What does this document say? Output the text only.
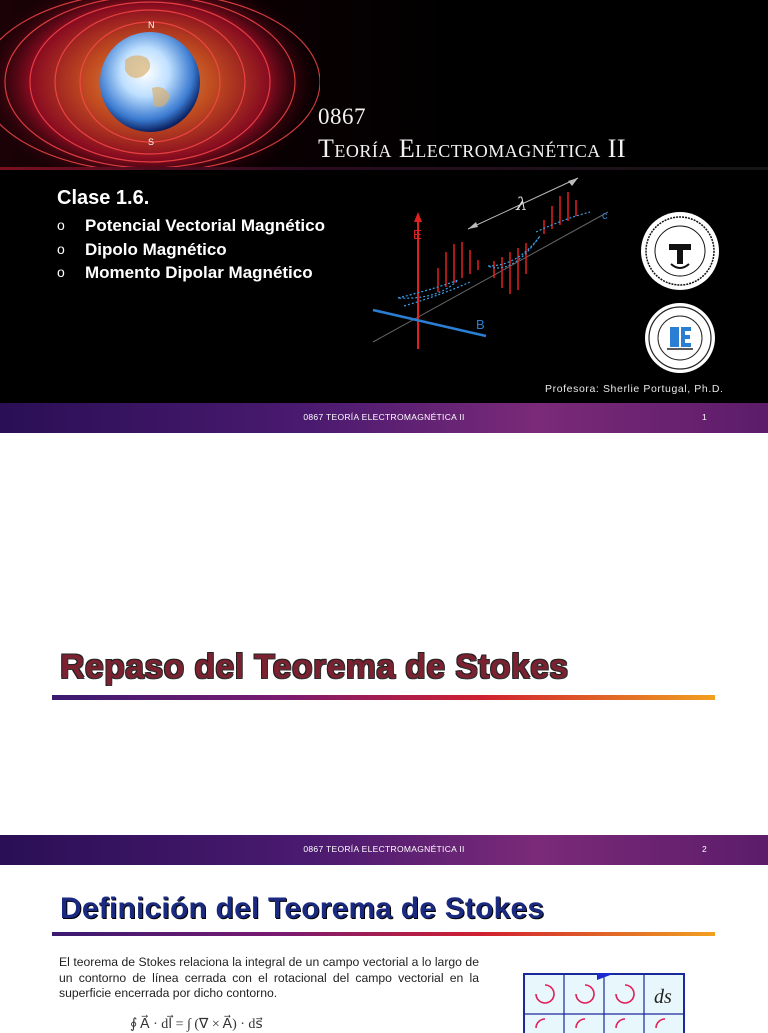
N
S
0867
Teoría Electromagnética II
Clase 1.6.
o	Potencial Vectorial Magnético
o	Dipolo Magnético
o	Momento Dipolar Magnético
λ
E
B
c
Profesora: Sherlie Portugal, Ph.D.
0867 TEORÍA ELECTROMAGNÉTICA II	1
Repaso del Teorema de Stokes
0867 TEORÍA ELECTROMAGNÉTICA II	2
Definición del Teorema de Stokes

El teorema de Stokes relaciona la integral de un campo vectorial a lo largo de un contorno de línea cerrada con el rotacional del campo vectorial en la superficie encerrada por dicho contorno.

∮ A⃗ · dl⃗ = ∫ (∇ × A⃗) · ds⃗
ds
